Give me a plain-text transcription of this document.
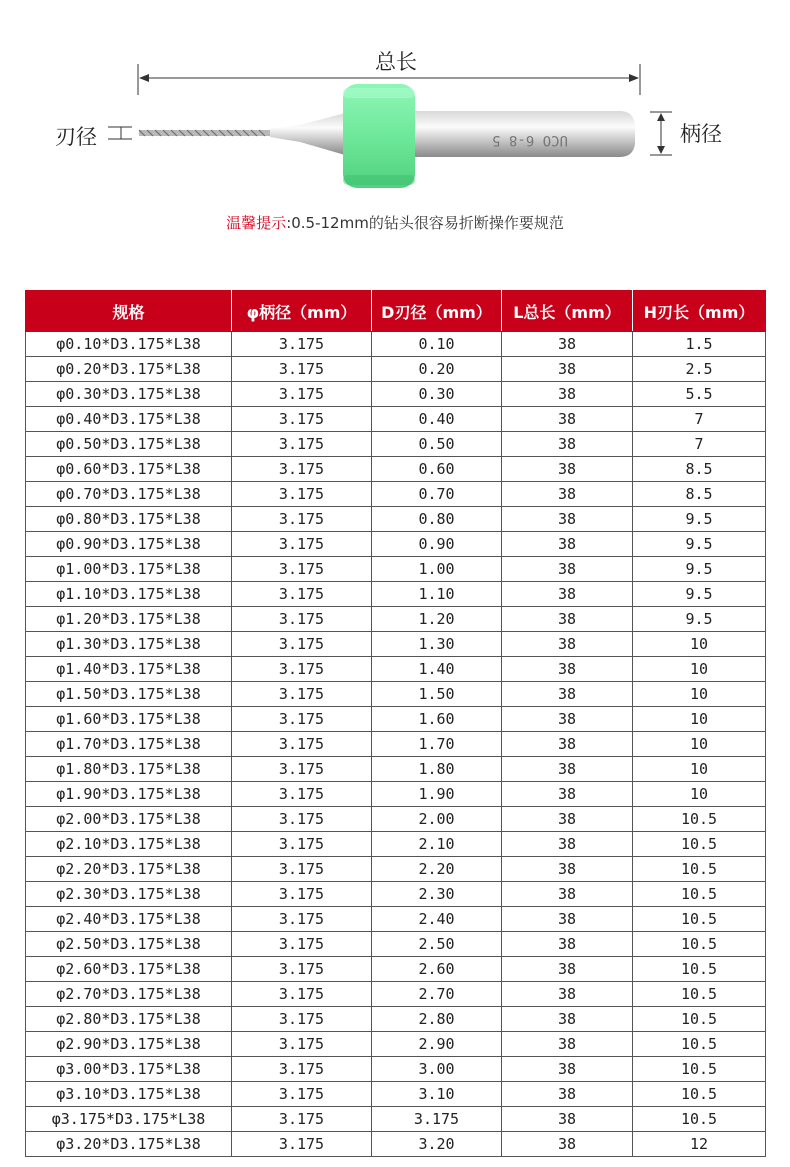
UCO 6-8 5
总长
刃径	柄径
温馨提示:0.5-12mm的钻头很容易折断操作要规范
规格	φ柄径（mm）	D刃径（mm）	L总长（mm）	H刃长（mm）
φ0.10*D3.175*L38	3.175	0.10	38	1.5
φ0.20*D3.175*L38	3.175	0.20	38	2.5
φ0.30*D3.175*L38	3.175	0.30	38	5.5
φ0.40*D3.175*L38	3.175	0.40	38	7
φ0.50*D3.175*L38	3.175	0.50	38	7
φ0.60*D3.175*L38	3.175	0.60	38	8.5
φ0.70*D3.175*L38	3.175	0.70	38	8.5
φ0.80*D3.175*L38	3.175	0.80	38	9.5
φ0.90*D3.175*L38	3.175	0.90	38	9.5
φ1.00*D3.175*L38	3.175	1.00	38	9.5
φ1.10*D3.175*L38	3.175	1.10	38	9.5
φ1.20*D3.175*L38	3.175	1.20	38	9.5
φ1.30*D3.175*L38	3.175	1.30	38	10
φ1.40*D3.175*L38	3.175	1.40	38	10
φ1.50*D3.175*L38	3.175	1.50	38	10
φ1.60*D3.175*L38	3.175	1.60	38	10
φ1.70*D3.175*L38	3.175	1.70	38	10
φ1.80*D3.175*L38	3.175	1.80	38	10
φ1.90*D3.175*L38	3.175	1.90	38	10
φ2.00*D3.175*L38	3.175	2.00	38	10.5
φ2.10*D3.175*L38	3.175	2.10	38	10.5
φ2.20*D3.175*L38	3.175	2.20	38	10.5
φ2.30*D3.175*L38	3.175	2.30	38	10.5
φ2.40*D3.175*L38	3.175	2.40	38	10.5
φ2.50*D3.175*L38	3.175	2.50	38	10.5
φ2.60*D3.175*L38	3.175	2.60	38	10.5
φ2.70*D3.175*L38	3.175	2.70	38	10.5
φ2.80*D3.175*L38	3.175	2.80	38	10.5
φ2.90*D3.175*L38	3.175	2.90	38	10.5
φ3.00*D3.175*L38	3.175	3.00	38	10.5
φ3.10*D3.175*L38	3.175	3.10	38	10.5
φ3.175*D3.175*L38	3.175	3.175	38	10.5
φ3.20*D3.175*L38	3.175	3.20	38	12
